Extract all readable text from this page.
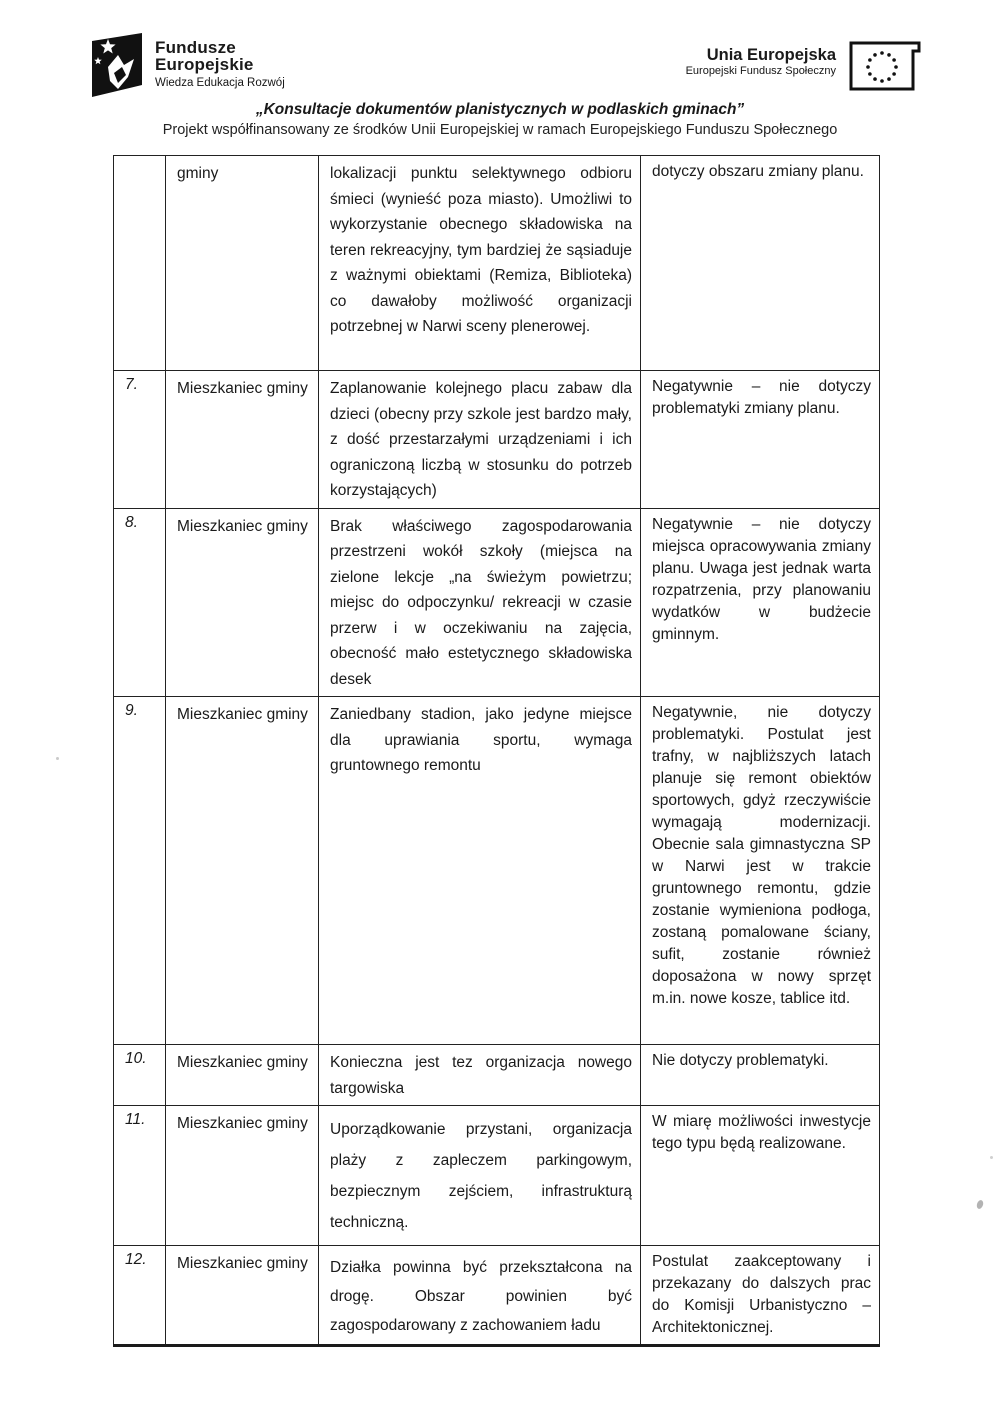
Fundusze
Europejskie
Wiedza Edukacja Rozwój
Unia Europejska
Europejski Fundusz Społeczny
„Konsultacje dokumentów planistycznych w podlaskich gminach”
Projekt współfinansowany ze środków Unii Europejskiej w ramach Europejskiego Funduszu Społecznego
	gminy	lokalizacji punktu selektywnego odbioru śmieci (wynieść poza miasto). Umożliwi to wykorzystanie obecnego składowiska na teren rekreacyjny, tym bardziej że sąsiaduje z ważnymi obiektami (Remiza, Biblioteka) co dawałoby możliwość organizacji potrzebnej w Narwi sceny plenerowej.	dotyczy obszaru zmiany planu.
7.	Mieszkaniec gminy	Zaplanowanie kolejnego placu zabaw dla dzieci (obecny przy szkole jest bardzo mały, z dość przestarzałymi urządzeniami i ich ograniczoną liczbą w stosunku do potrzeb korzystających)	Negatywnie – nie dotyczy problematyki zmiany planu.
8.	Mieszkaniec gminy	Brak właściwego zagospodarowania przestrzeni wokół szkoły (miejsca na zielone lekcje „na świeżym powietrzu; miejsc do odpoczynku/ rekreacji w czasie przerw i w oczekiwaniu na zajęcia, obecność mało estetycznego składowiska desek	Negatywnie – nie dotyczy miejsca opracowywania zmiany planu. Uwaga jest jednak warta rozpatrzenia, przy planowaniu wydatków w budżecie gminnym.
9.	Mieszkaniec gminy	Zaniedbany stadion, jako jedyne miejsce dla uprawiania sportu, wymaga gruntownego remontu	Negatywnie, nie dotyczy problematyki. Postulat jest trafny, w najbliższych latach planuje się remont obiektów sportowych, gdyż rzeczywiście wymagają modernizacji. Obecnie sala gimnastyczna SP w Narwi jest w trakcie gruntownego remontu, gdzie zostanie wymieniona podłoga, zostaną pomalowane ściany, sufit, zostanie również doposażona w nowy sprzęt m.in. nowe kosze, tablice itd.
10.	Mieszkaniec gminy	Konieczna jest tez organizacja nowego targowiska	Nie dotyczy problematyki.
11.	Mieszkaniec gminy	Uporządkowanie przystani, organizacja plaży z zapleczem parkingowym, bezpiecznym zejściem, infrastrukturą techniczną.	W miarę możliwości inwestycje tego typu będą realizowane.
12.	Mieszkaniec gminy	Działka powinna być przekształcona na drogę. Obszar powinien być zagospodarowany z zachowaniem ładu	Postulat zaakceptowany i przekazany do dalszych prac do Komisji Urbanistyczno – Architektonicznej.
